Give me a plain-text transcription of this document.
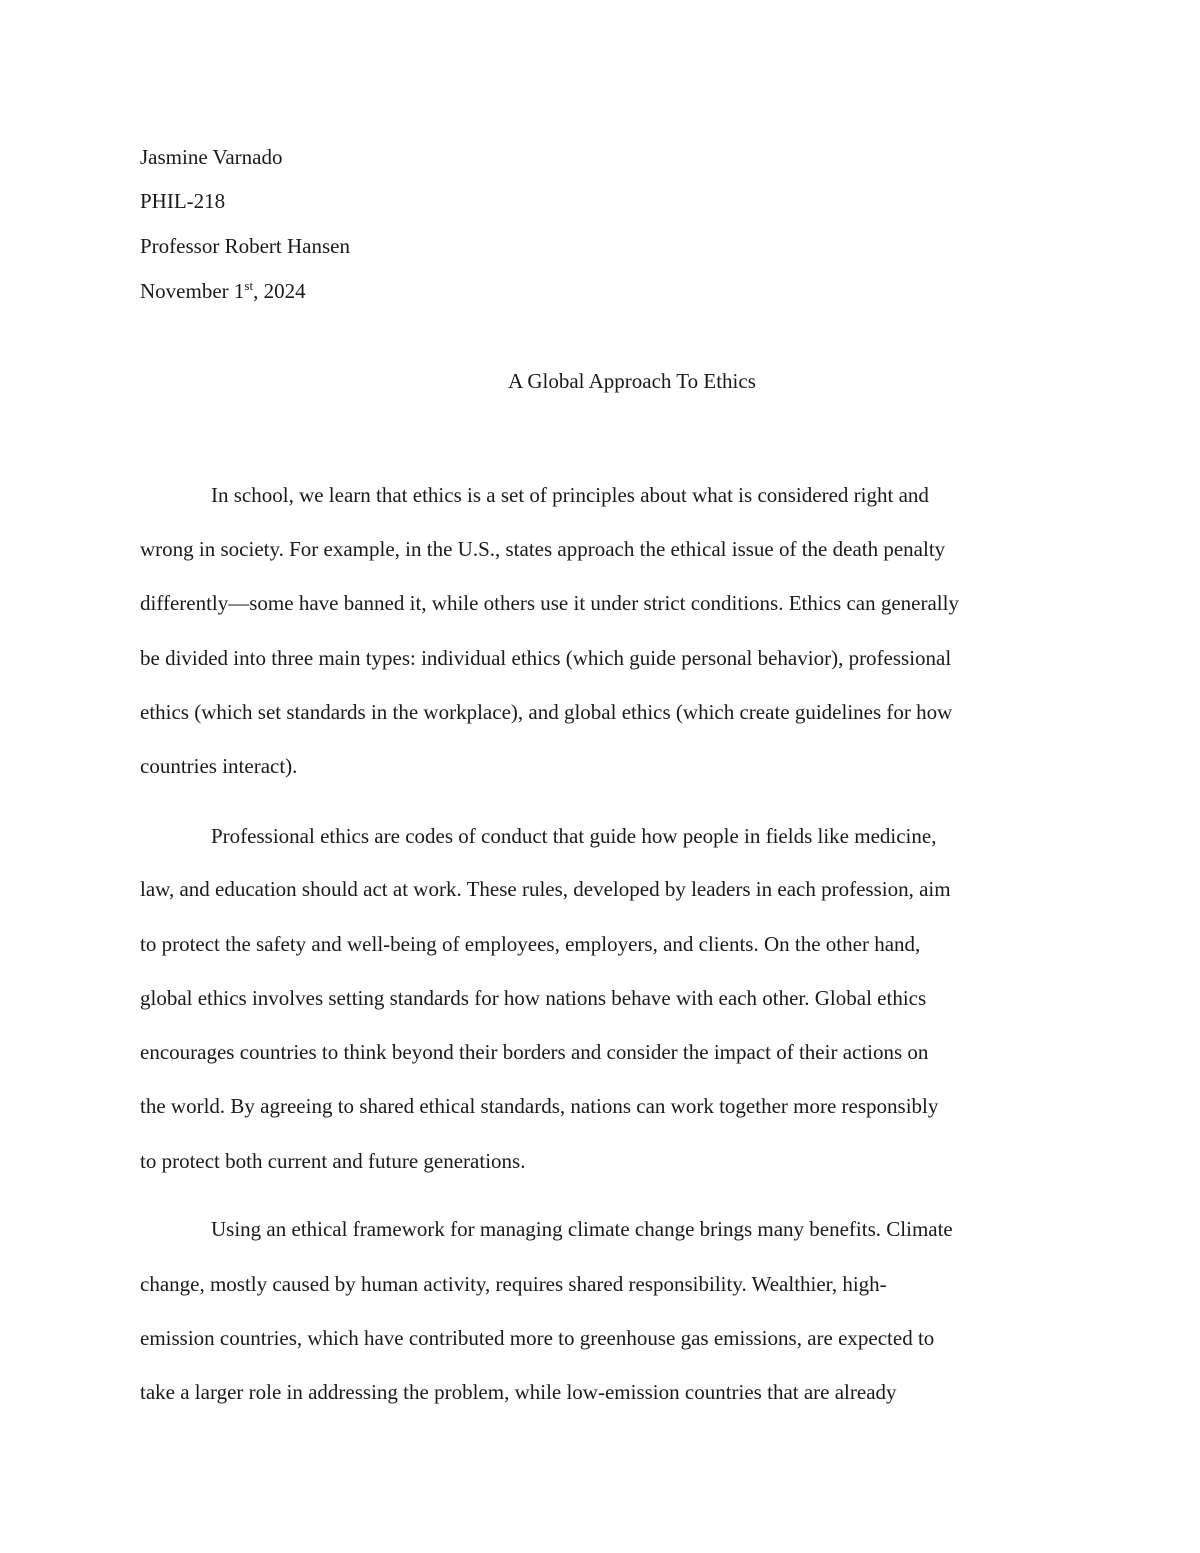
Jasmine Varnado
PHIL-218
Professor Robert Hansen
November 1st, 2024
A Global Approach To Ethics
In school, we learn that ethics is a set of principles about what is considered right and
wrong in society. For example, in the U.S., states approach the ethical issue of the death penalty
differently—some have banned it, while others use it under strict conditions. Ethics can generally
be divided into three main types: individual ethics (which guide personal behavior), professional
ethics (which set standards in the workplace), and global ethics (which create guidelines for how
countries interact).
Professional ethics are codes of conduct that guide how people in fields like medicine,
law, and education should act at work. These rules, developed by leaders in each profession, aim
to protect the safety and well-being of employees, employers, and clients. On the other hand,
global ethics involves setting standards for how nations behave with each other. Global ethics
encourages countries to think beyond their borders and consider the impact of their actions on
the world. By agreeing to shared ethical standards, nations can work together more responsibly
to protect both current and future generations.
Using an ethical framework for managing climate change brings many benefits. Climate
change, mostly caused by human activity, requires shared responsibility. Wealthier, high-
emission countries, which have contributed more to greenhouse gas emissions, are expected to
take a larger role in addressing the problem, while low-emission countries that are already
